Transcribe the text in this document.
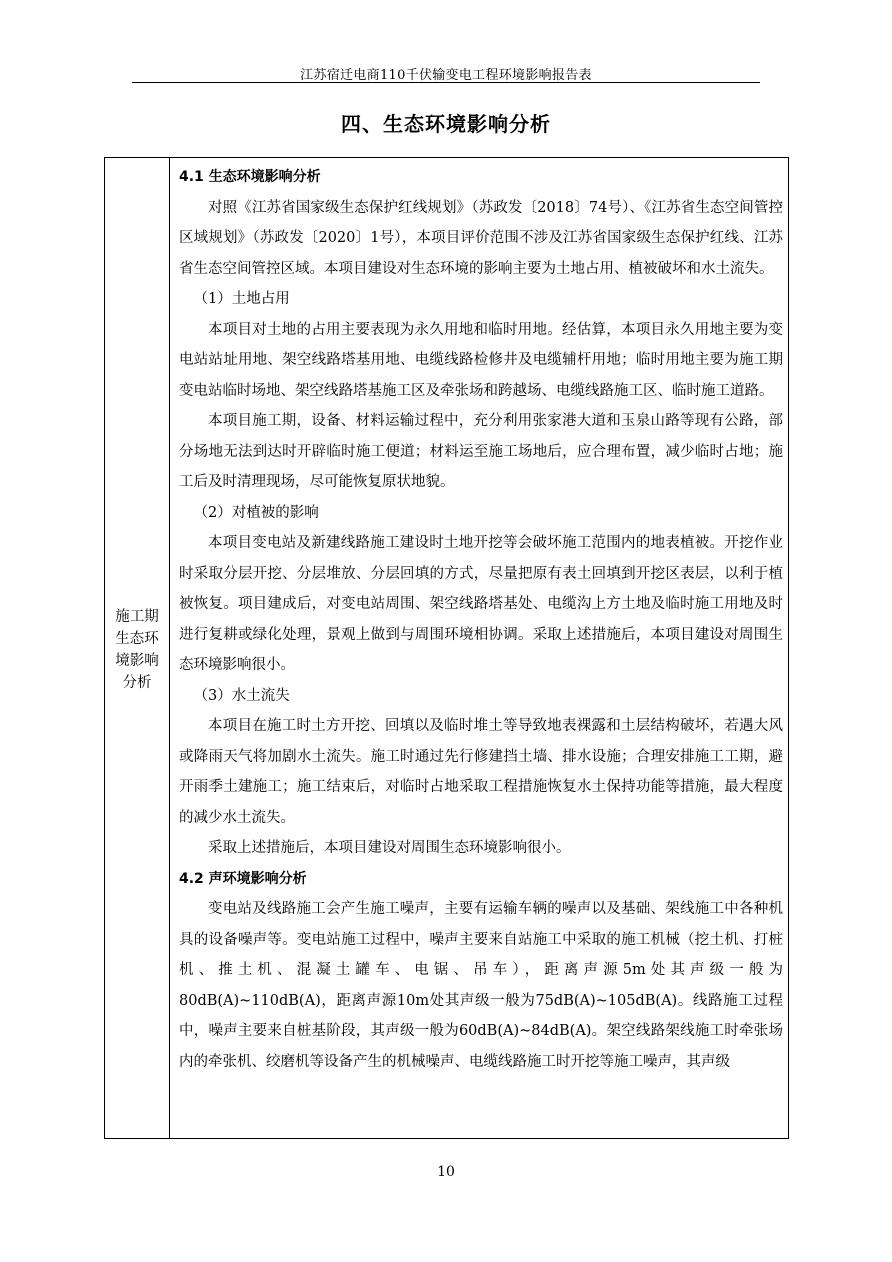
江苏宿迁电商110千伏输变电工程环境影响报告表
四、生态环境影响分析
施工期
生态环
境影响
分析

4.1 生态环境影响分析

对照《江苏省国家级生态保护红线规划》（苏政发〔2018〕74号）、《江苏省生态空间管控区域规划》（苏政发〔2020〕1号），本项目评价范围不涉及江苏省国家级生态保护红线、江苏省生态空间管控区域。本项目建设对生态环境的影响主要为土地占用、植被破坏和水土流失。

（1）土地占用

本项目对土地的占用主要表现为永久用地和临时用地。经估算，本项目永久用地主要为变电站站址用地、架空线路塔基用地、电缆线路检修井及电缆辅杆用地；临时用地主要为施工期变电站临时场地、架空线路塔基施工区及牵张场和跨越场、电缆线路施工区、临时施工道路。

本项目施工期，设备、材料运输过程中，充分利用张家港大道和玉泉山路等现有公路，部分场地无法到达时开辟临时施工便道；材料运至施工场地后，应合理布置，减少临时占地；施工后及时清理现场，尽可能恢复原状地貌。

（2）对植被的影响

本项目变电站及新建线路施工建设时土地开挖等会破坏施工范围内的地表植被。开挖作业时采取分层开挖、分层堆放、分层回填的方式，尽量把原有表土回填到开挖区表层，以利于植被恢复。项目建成后，对变电站周围、架空线路塔基处、电缆沟上方土地及临时施工用地及时进行复耕或绿化处理，景观上做到与周围环境相协调。采取上述措施后，本项目建设对周围生态环境影响很小。

（3）水土流失

本项目在施工时土方开挖、回填以及临时堆土等导致地表裸露和土层结构破坏，若遇大风或降雨天气将加剧水土流失。施工时通过先行修建挡土墙、排水设施；合理安排施工工期，避开雨季土建施工；施工结束后，对临时占地采取工程措施恢复水土保持功能等措施，最大程度的减少水土流失。

采取上述措施后，本项目建设对周围生态环境影响很小。

4.2 声环境影响分析

变电站及线路施工会产生施工噪声，主要有运输车辆的噪声以及基础、架线施工中各种机具的设备噪声等。变电站施工过程中，噪声主要来自站施工中采取的施工机械（挖土机、打桩机、推土机、混凝土罐车、电锯、吊车），距离声源5m处其声级一般为80dB(A)~110dB(A)，距离声源10m处其声级一般为75dB(A)~105dB(A)。线路施工过程中，噪声主要来自桩基阶段，其声级一般为60dB(A)~84dB(A)。架空线路架线施工时牵张场内的牵张机、绞磨机等设备产生的机械噪声、电缆线路施工时开挖等施工噪声，其声级

10
